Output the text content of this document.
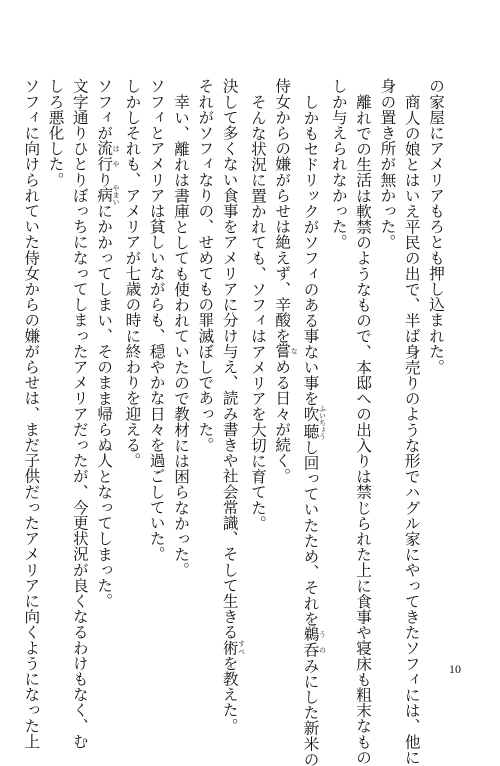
の家屋にアメリアもろとも押し込まれた。

商人の娘とはいえ平民の出で、半ば身売りのような形でハグル家にやってきたソフィには、他に

身の置き所が無かった。

離れでの生活は軟禁のようなもので、本邸への出入りは禁じられた上に食事や寝床も粗末なもの

しか与えられなかった。

しかもセドリックがソフィのある事ない事を吹聴 ふいちょうし回っていたため、それを鵜 う呑 のみにした新米の

侍女からの嫌がらせは絶えず、辛酸を嘗 なめる日々が続く。

そんな状況に置かれても、ソフィはアメリアを大切に育てた。

決して多くない食事をアメリアに分け与え、読み書きや社会常識、そして生きる術 すべを教えた。

それがソフィなりの、せめてもの罪滅ぼしであった。

幸い、離れは書庫としても使われていたので教材には困らなかった。

ソフィとアメリアは貧しいながらも、穏やかな日々を過ごしていた。

しかしそれも、アメリアが七歳の時に終わりを迎える。

ソフィが流 は行 やり病 やまいにかかってしまい、そのまま帰らぬ人となってしまった。

文字通りひとりぼっちになってしまったアメリアだったが、今更状況が良くなるわけもなく、む

しろ悪化した。

ソフィに向けられていた侍女からの嫌がらせは、まだ子供だったアメリアに向くようになった上	10
